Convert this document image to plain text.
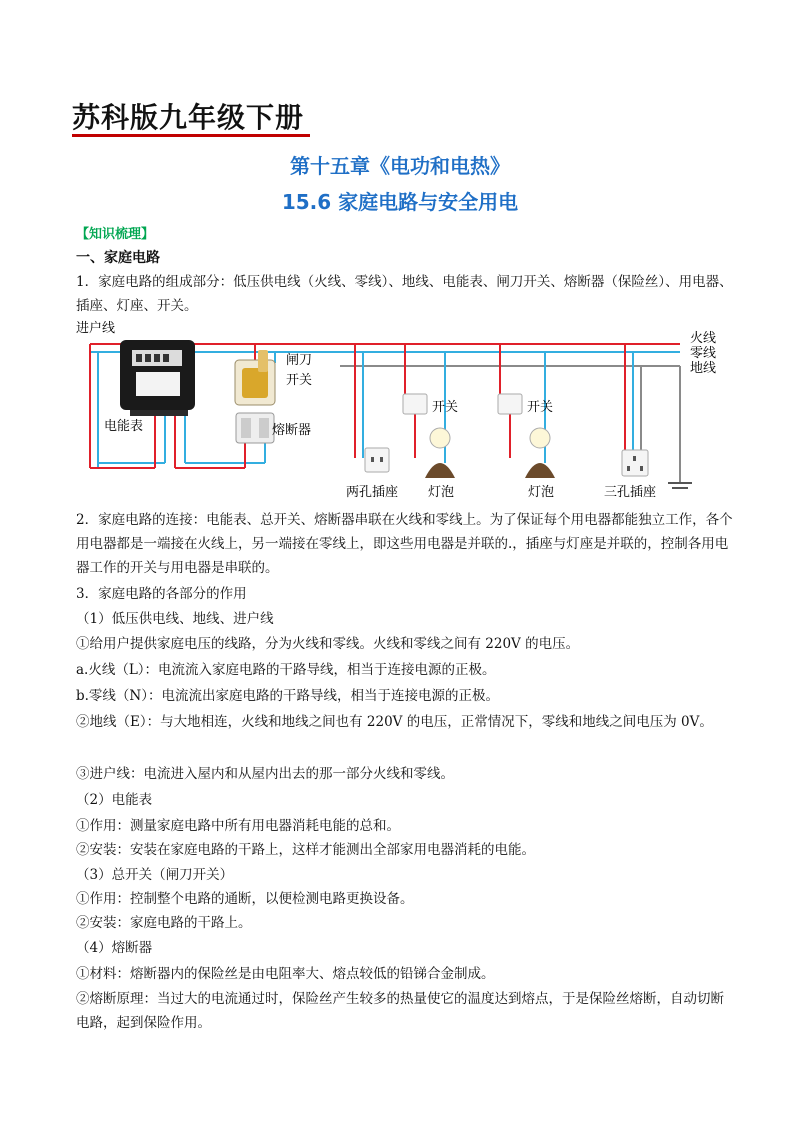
苏科版九年级下册
第十五章《电功和电热》
15.6 家庭电路与安全用电
【知识梳理】
一、家庭电路
1．家庭电路的组成部分：低压供电线（火线、零线）、地线、电能表、闸刀开关、熔断器（保险丝）、用电器、插座、灯座、开关。
进户线
火线
零线
地线
电能表
闸刀
开关
熔断器
开关	开关
两孔插座 灯泡	灯泡	三孔插座
2．家庭电路的连接：电能表、总开关、熔断器串联在火线和零线上。为了保证每个用电器都能独立工作，各个用电器都是一端接在火线上，另一端接在零线上，即这些用电器是并联的.，插座与灯座是并联的，控制各用电器工作的开关与用电器是串联的。
3．家庭电路的各部分的作用
（1）低压供电线、地线、进户线
①给用户提供家庭电压的线路，分为火线和零线。火线和零线之间有 220V 的电压。
a.火线（L）：电流流入家庭电路的干路导线，相当于连接电源的正极。
b.零线（N）：电流流出家庭电路的干路导线，相当于连接电源的正极。
②地线（E）：与大地相连，火线和地线之间也有 220V 的电压，正常情况下，零线和地线之间电压为 0V。
③进户线：电流进入屋内和从屋内出去的那一部分火线和零线。
（2）电能表
①作用：测量家庭电路中所有用电器消耗电能的总和。
②安装：安装在家庭电路的干路上，这样才能测出全部家用电器消耗的电能。
（3）总开关（闸刀开关）
①作用：控制整个电路的通断，以便检测电路更换设备。
②安装：家庭电路的干路上。
（4）熔断器
①材料：熔断器内的保险丝是由电阻率大、熔点较低的铅锑合金制成。
②熔断原理：当过大的电流通过时，保险丝产生较多的热量使它的温度达到熔点，于是保险丝熔断，自动切断电路，起到保险作用。
